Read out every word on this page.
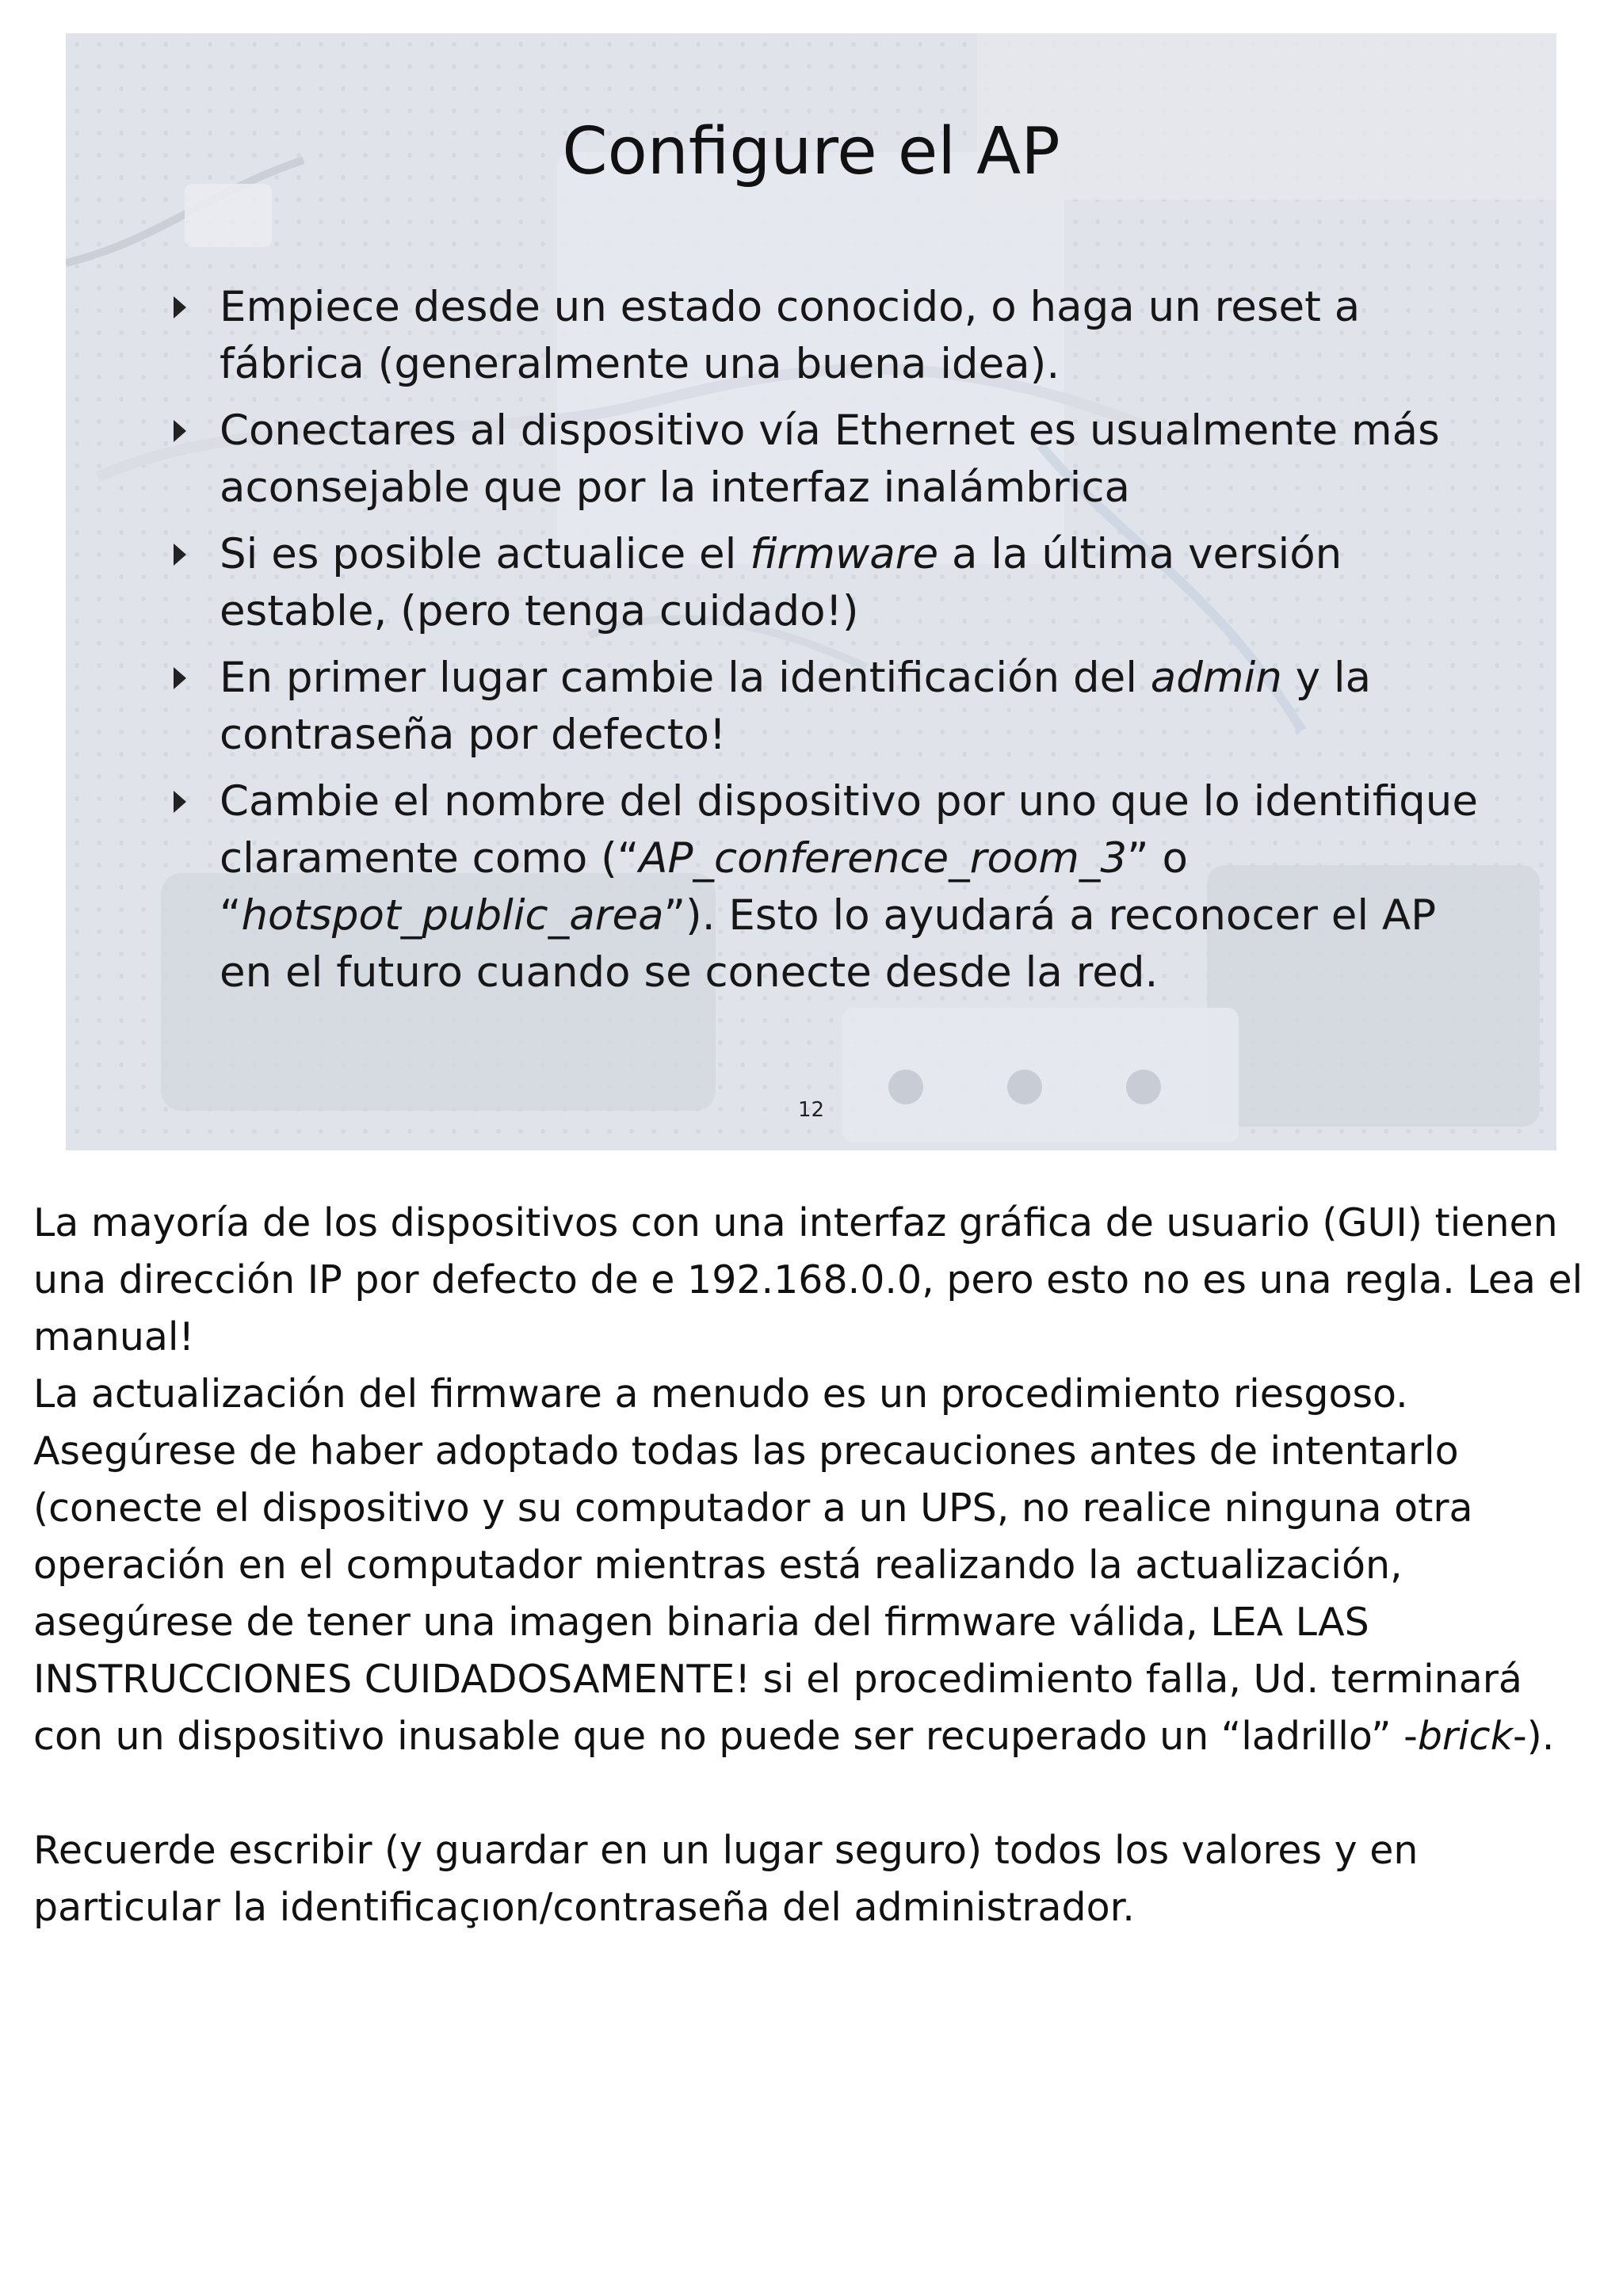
Configure el AP
Empiece desde un estado conocido, o haga un reset a fábrica (generalmente una buena idea).
Conectares al dispositivo vía Ethernet es usualmente más aconsejable que por la interfaz inalámbrica
Si es posible actualice el firmware a la última versión estable, (pero tenga cuidado!)
En primer lugar cambie la identificación del admin y la contraseña por defecto!
Cambie el nombre del dispositivo por uno que lo identifique claramente como (“AP_conference_room_3” o “hotspot_public_area”). Esto lo ayudará a reconocer el AP en el futuro cuando se conecte desde la red.
12

La mayoría de los dispositivos con una interfaz gráfica de usuario (GUI) tienen una dirección IP por defecto de e 192.168.0.0, pero esto no es una regla. Lea el manual!

La actualización del firmware a menudo es un procedimiento riesgoso. Asegúrese de haber adoptado todas las precauciones antes de intentarlo (conecte el dispositivo y su computador a un UPS, no realice ninguna otra operación en el computador mientras está realizando la actualización, asegúrese de tener una imagen binaria del firmware válida, LEA LAS INSTRUCCIONES CUIDADOSAMENTE! si el procedimiento falla, Ud. terminará con un dispositivo inusable que no puede ser recuperado un “ladrillo” -brick-).

Recuerde escribir (y guardar en un lugar seguro) todos los valores y en particular la identificaçıon/contraseña del administrador.
